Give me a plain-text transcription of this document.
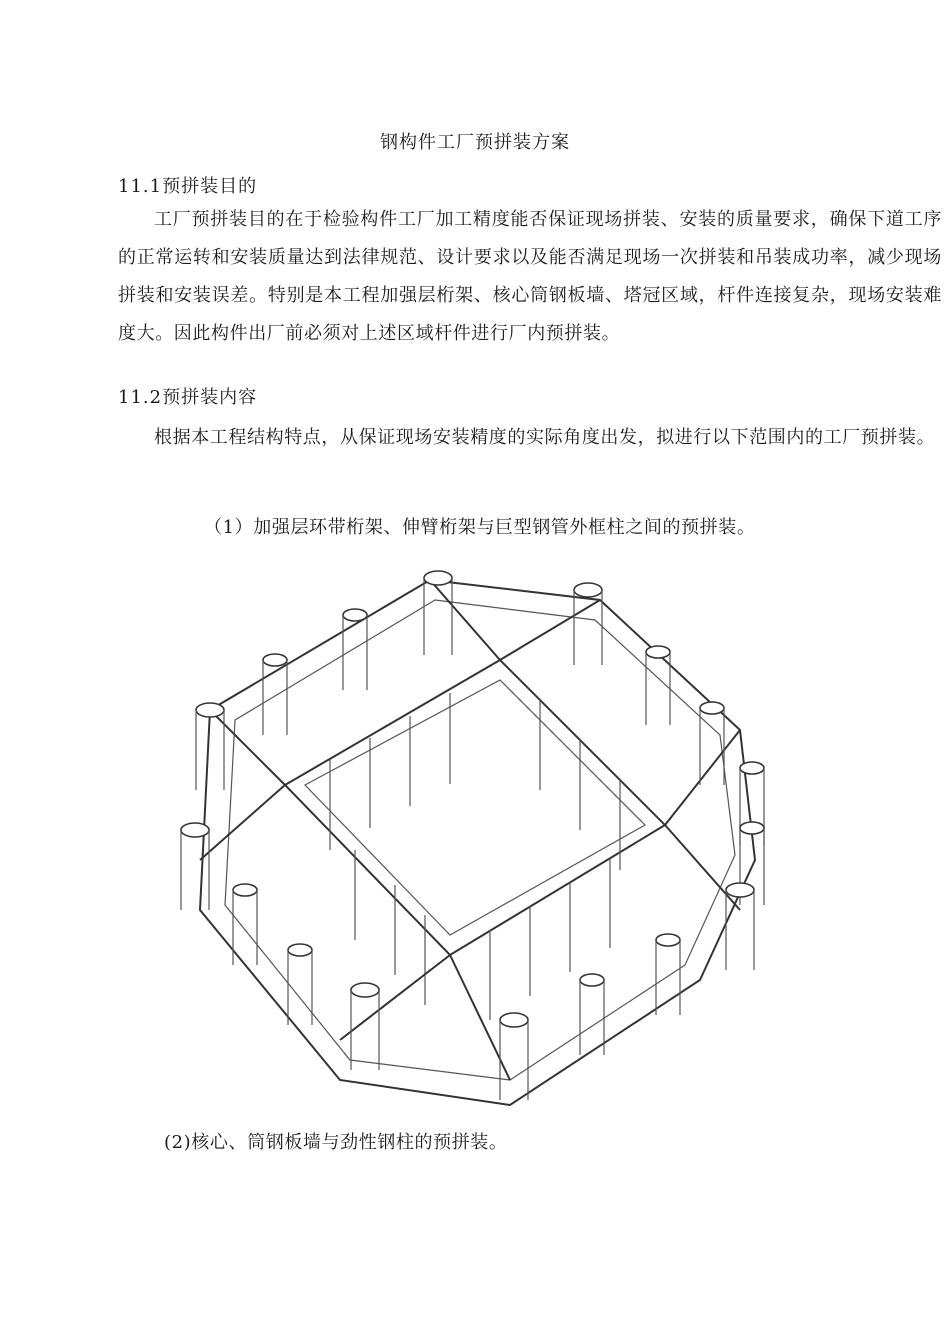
钢构件工厂预拼装方案
11.1预拼装目的
工厂预拼装目的在于检验构件工厂加工精度能否保证现场拼装、安装的质量要求，确保下道工序的正常运转和安装质量达到法律规范、设计要求以及能否满足现场一次拼装和吊装成功率，减少现场拼装和安装误差。特别是本工程加强层桁架、核心筒钢板墙、塔冠区域，杆件连接复杂，现场安装难度大。因此构件出厂前必须对上述区域杆件进行厂内预拼装。
11.2预拼装内容
根据本工程结构特点，从保证现场安装精度的实际角度出发，拟进行以下范围内的工厂预拼装。
（1）加强层环带桁架、伸臂桁架与巨型钢管外框柱之间的预拼装。
(2)核心、筒钢板墙与劲性钢柱的预拼装。
